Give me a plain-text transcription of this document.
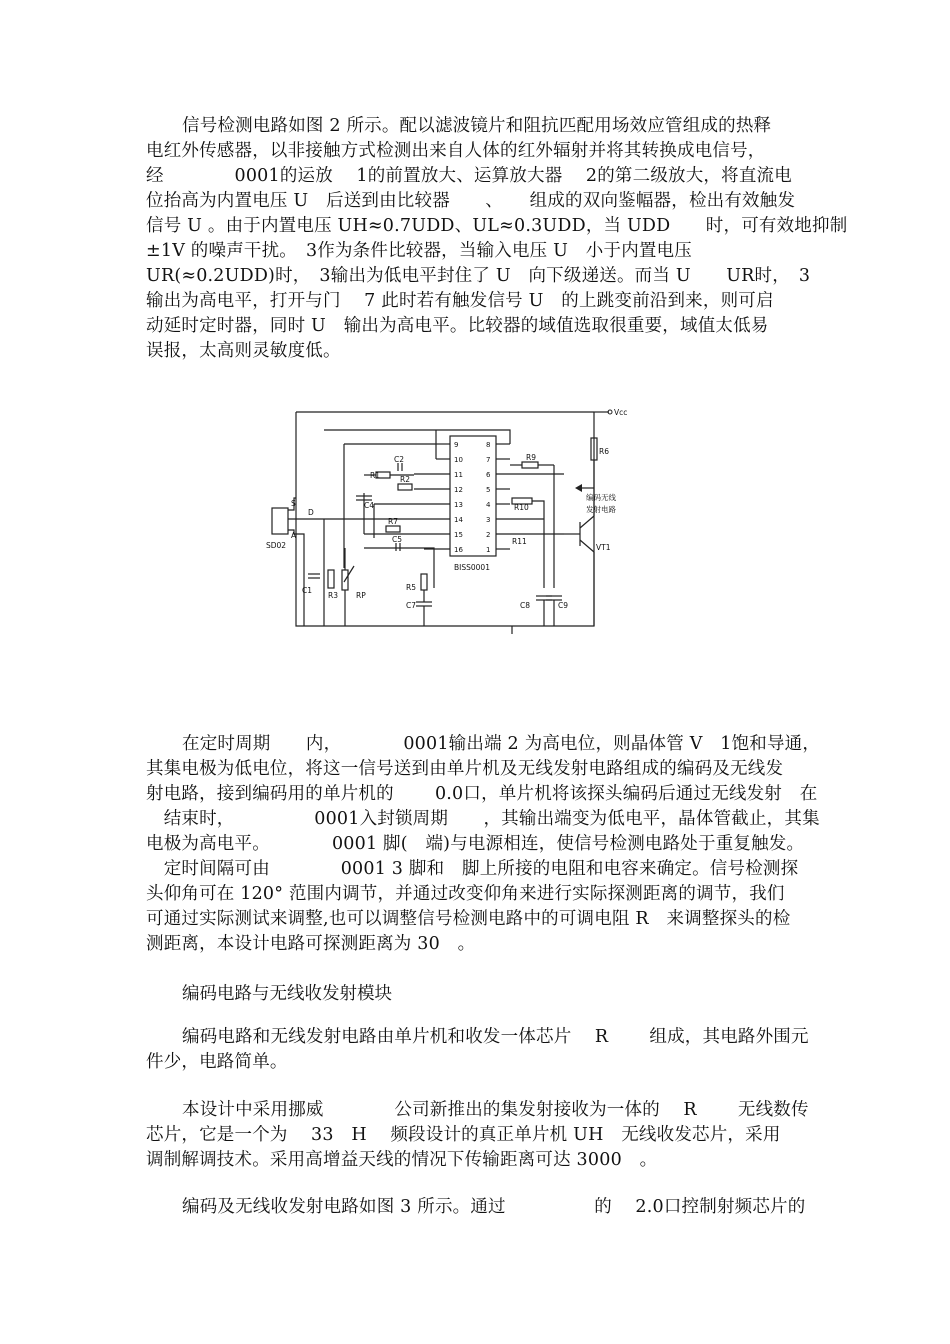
信号检测电路如图 2 所示。配以滤波镜片和阻抗匹配用场效应管组成的热释

电红外传感器，以非接触方式检测出来自人体的红外辐射并将其转换成电信号，

经　　　　0001的运放　 1的前置放大、运算放大器　 2的第二级放大，将直流电

位抬高为内置电压 U　后送到由比较器　　、　　组成的双向鉴幅器，检出有效触发

信号 U 。由于内置电压 UH≈0.7UDD、UL≈0.3UDD，当 UDD　　时，可有效地抑制

±1V 的噪声干扰。　3作为条件比较器，当输入电压 U　小于内置电压

UR(≈0.2UDD)时，　3输出为低电平封住了 U　向下级递送。而当 U　　UR时，　3

输出为高电平，打开与门　 7 此时若有触发信号 U　的上跳变前沿到来，则可启

动延时定时器，同时 U　输出为高电平。比较器的域值选取很重要，域值太低易

误报，太高则灵敏度低。

Vcc
BISS0001
SD02
S
D
A
RP
R1
C2
R2
C4
R7
C5
C1
R3
R5
C7
R9
R10
R11
C8	C9
R6
VT1
编码无线
发射电路
9
10
11
12
13
14
15
16
8
7
6
5
4
3
2
1

在定时周期　　内，　　　　0001输出端 2 为高电位，则晶体管 V　1饱和导通，

其集电极为低电位，将这一信号送到由单片机及无线发射电路组成的编码及无线发

射电路，接到编码用的单片机的　　 0.0口，单片机将该探头编码后通过无线发射　在

　结束时，　　　　　0001入封锁周期　　，其输出端变为低电平，晶体管截止，其集

电极为高电平。　　　　0001 脚(　端)与电源相连，使信号检测电路处于重复触发。

　定时间隔可由　　　　0001 3 脚和　脚上所接的电阻和电容来确定。信号检测探

头仰角可在 120° 范围内调节，并通过改变仰角来进行实际探测距离的调节，我们

可通过实际测试来调整,也可以调整信号检测电路中的可调电阻 R　来调整探头的检

测距离，本设计电路可探测距离为 30　。

编码电路与无线收发射模块

编码电路和无线发射电路由单片机和收发一体芯片　 R　　 组成，其电路外围元

件少，电路简单。

本设计中采用挪威　　　　公司新推出的集发射接收为一体的　 R　　 无线数传

芯片，它是一个为　 33　H　 频段设计的真正单片机 UH　无线收发芯片，采用

调制解调技术。采用高增益天线的情况下传输距离可达 3000　。

编码及无线收发射电路如图 3 所示。通过　　　　　的　 2.0口控制射频芯片的
